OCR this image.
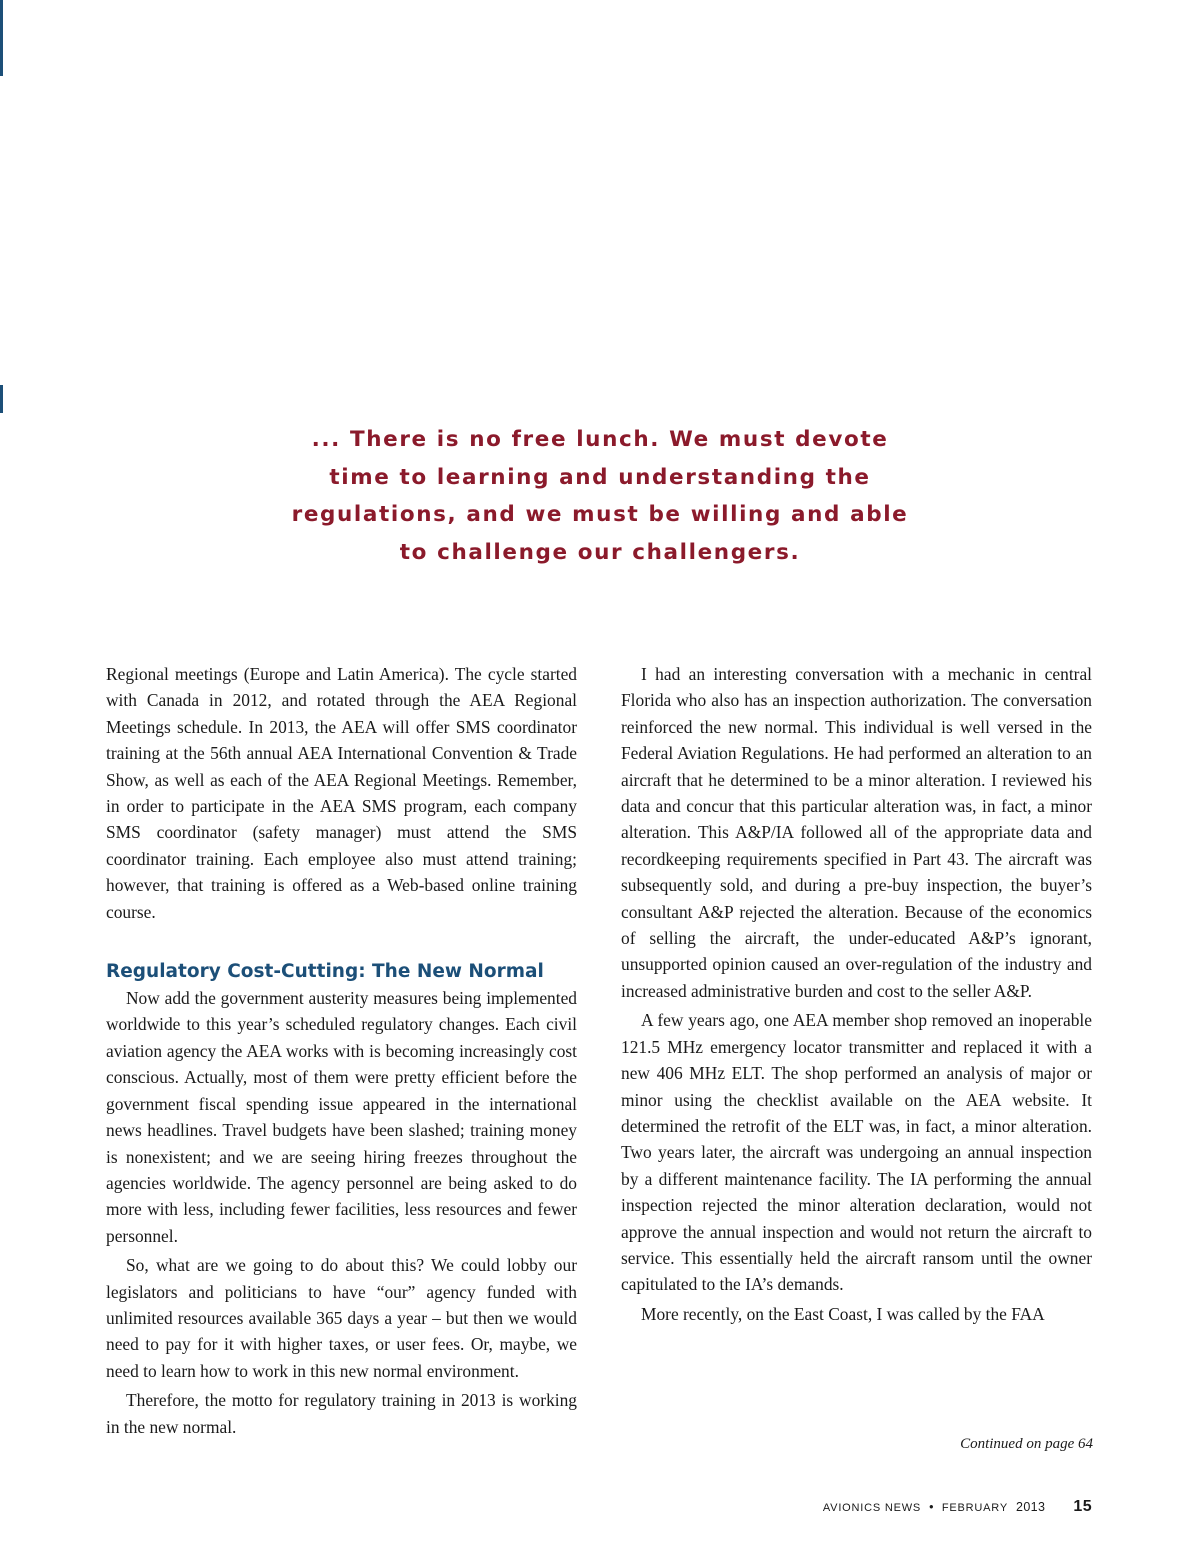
... There is no free lunch. We must devote
time to learning and understanding the
regulations, and we must be willing and able
to challenge our challengers.

Regional meetings (Europe and Latin America). The cycle started with Canada in 2012, and rotated through the AEA Regional Meetings schedule. In 2013, the AEA will offer SMS coordinator training at the 56th annual AEA International Convention & Trade Show, as well as each of the AEA Regional Meetings. Remember, in order to participate in the AEA SMS program, each company SMS coordinator (safety manager) must attend the SMS coordinator training. Each employee also must attend training; however, that training is offered as a Web-based online training course.

Regulatory Cost-Cutting: The New Normal

Now add the government austerity measures being implemented worldwide to this year’s scheduled regulatory changes. Each civil aviation agency the AEA works with is becoming increasingly cost conscious. Actually, most of them were pretty efficient before the government fiscal spending issue appeared in the international news headlines. Travel budgets have been slashed; training money is nonexistent; and we are seeing hiring freezes throughout the agencies worldwide. The agency personnel are being asked to do more with less, including fewer facilities, less resources and fewer personnel.

So, what are we going to do about this? We could lobby our legislators and politicians to have “our” agency funded with unlimited resources available 365 days a year – but then we would need to pay for it with higher taxes, or user fees. Or, maybe, we need to learn how to work in this new normal environment.

Therefore, the motto for regulatory training in 2013 is working in the new normal.

I had an interesting conversation with a mechanic in central Florida who also has an inspection authorization. The conversation reinforced the new normal. This individual is well versed in the Federal Aviation Regulations. He had performed an alteration to an aircraft that he determined to be a minor alteration. I reviewed his data and concur that this particular alteration was, in fact, a minor alteration. This A&P/IA followed all of the appropriate data and recordkeeping requirements specified in Part 43. The aircraft was subsequently sold, and during a pre-buy inspection, the buyer’s consultant A&P rejected the alteration. Because of the economics of selling the aircraft, the under-educated A&P’s ignorant, unsupported opinion caused an over-regulation of the industry and increased administrative burden and cost to the seller A&P.

A few years ago, one AEA member shop removed an inoperable 121.5 MHz emergency locator transmitter and replaced it with a new 406 MHz ELT. The shop performed an analysis of major or minor using the checklist available on the AEA website. It determined the retrofit of the ELT was, in fact, a minor alteration. Two years later, the aircraft was undergoing an annual inspection by a different maintenance facility. The IA performing the annual inspection rejected the minor alteration declaration, would not approve the annual inspection and would not return the aircraft to service. This essentially held the aircraft ransom until the owner capitulated to the IA’s demands.

More recently, on the East Coast, I was called by the FAA

Continued on page 64
AVIONICS NEWS • FEBRUARY 2013 15
